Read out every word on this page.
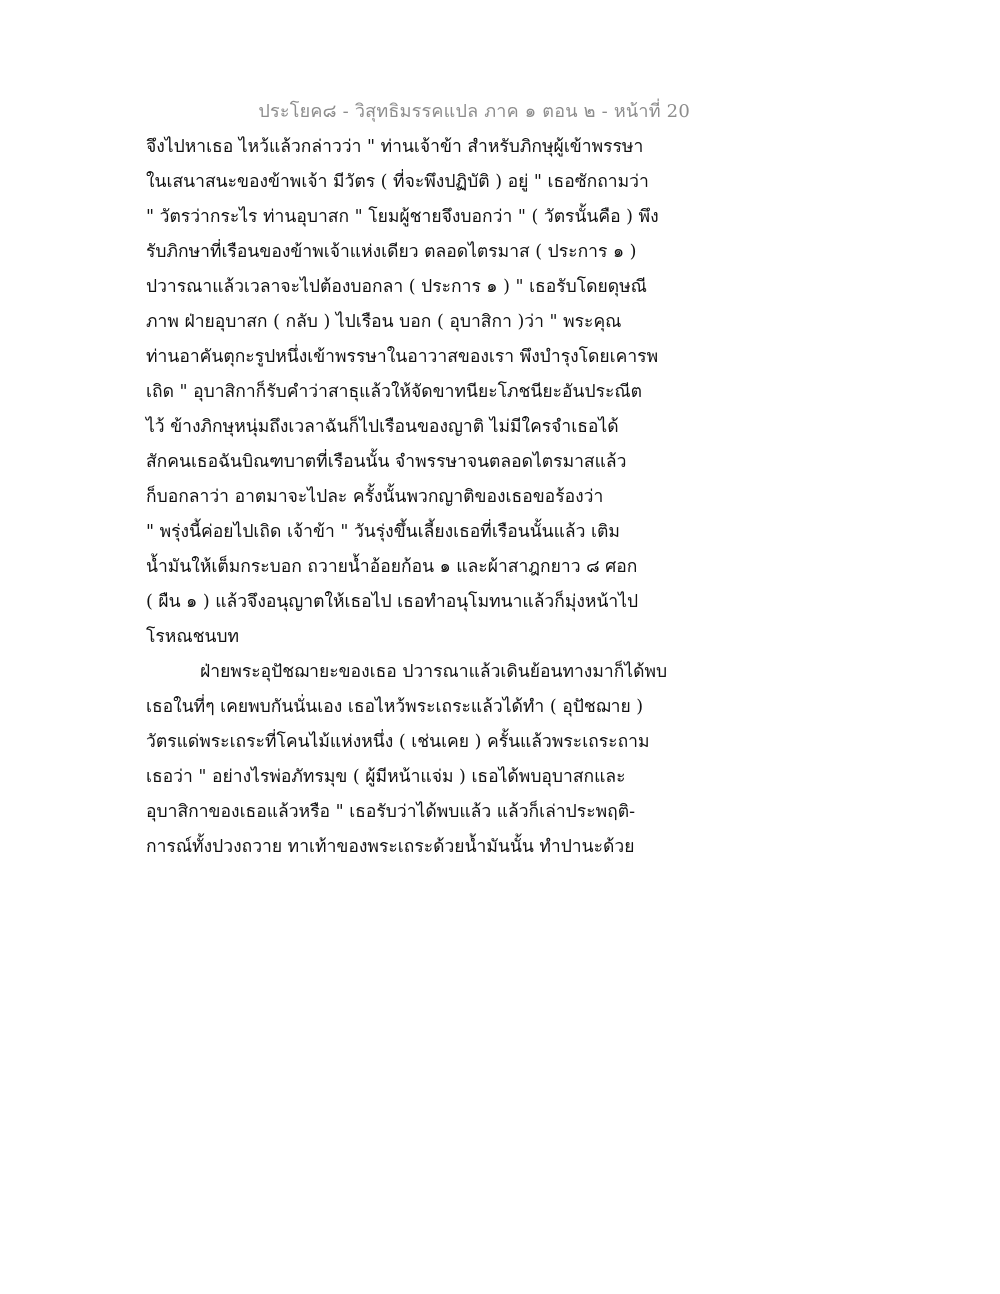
ประโยค๘ - วิสุทธิมรรคแปล ภาค ๑ ตอน ๒ - หน้าที่ 20
จึงไปหาเธอ ไหว้แล้วกล่าวว่า " ท่านเจ้าข้า สำหรับภิกษุผู้เข้าพรรษา
ในเสนาสนะของข้าพเจ้า มีวัตร ( ที่จะพึงปฏิบัติ ) อยู่ " เธอซักถามว่า
" วัตรว่ากระไร ท่านอุบาสก " โยมผู้ชายจึงบอกว่า " ( วัตรนั้นคือ ) พึง
รับภิกษาที่เรือนของข้าพเจ้าแห่งเดียว ตลอดไตรมาส ( ประการ ๑ )
ปวารณาแล้วเวลาจะไปต้องบอกลา ( ประการ ๑ ) " เธอรับโดยดุษณี
ภาพ ฝ่ายอุบาสก ( กลับ ) ไปเรือน บอก ( อุบาสิกา )ว่า " พระคุณ
ท่านอาคันตุกะรูปหนึ่งเข้าพรรษาในอาวาสของเรา พึงบำรุงโดยเคารพ
เถิด " อุบาสิกาก็รับคำว่าสาธุแล้วให้จัดขาทนียะโภชนียะอันประณีต
ไว้ ข้างภิกษุหนุ่มถึงเวลาฉันก็ไปเรือนของญาติ ไม่มีใครจำเธอได้
สักคนเธอฉันบิณฑบาตที่เรือนนั้น จำพรรษาจนตลอดไตรมาสแล้ว
ก็บอกลาว่า อาตมาจะไปละ ครั้งนั้นพวกญาติของเธอขอร้องว่า
" พรุ่งนี้ค่อยไปเถิด เจ้าข้า " วันรุ่งขึ้นเลี้ยงเธอที่เรือนนั้นแล้ว เติม
น้ำมันให้เต็มกระบอก ถวายน้ำอ้อยก้อน ๑ และผ้าสาฎกยาว ๘ ศอก
( ผืน ๑ ) แล้วจึงอนุญาตให้เธอไป เธอทำอนุโมทนาแล้วก็มุ่งหน้าไป
โรหณชนบท
ฝ่ายพระอุปัชฌายะของเธอ ปวารณาแล้วเดินย้อนทางมาก็ได้พบ
เธอในที่ๆ เคยพบกันนั่นเอง เธอไหว้พระเถระแล้วได้ทำ ( อุปัชฌาย )
วัตรแด่พระเถระที่โคนไม้แห่งหนึ่ง ( เช่นเคย ) ครั้นแล้วพระเถระถาม
เธอว่า " อย่างไรพ่อภัทรมุข ( ผู้มีหน้าแจ่ม ) เธอได้พบอุบาสกและ
อุบาสิกาของเธอแล้วหรือ " เธอรับว่าได้พบแล้ว แล้วก็เล่าประพฤติ-
การณ์ทั้งปวงถวาย ทาเท้าของพระเถระด้วยน้ำมันนั้น ทำปานะด้วย
